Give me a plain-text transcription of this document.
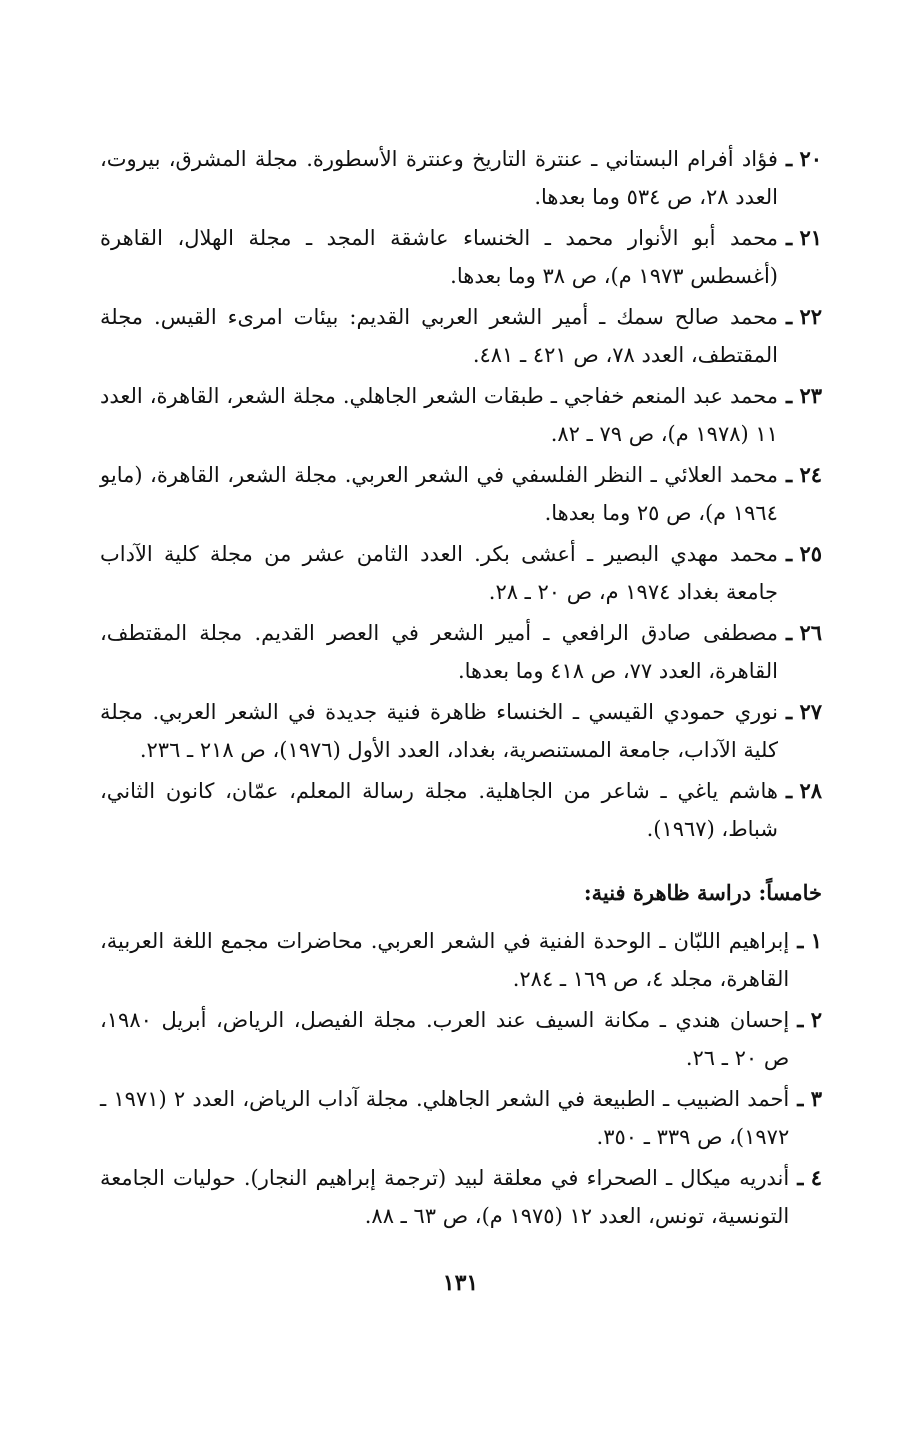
٢٠ ـ
فؤاد أفرام البستاني ـ عنترة التاريخ وعنترة الأسطورة. مجلة المشرق، بيروت، العدد ٢٨، ص ٥٣٤ وما بعدها.
٢١ ـ
محمد أبو الأنوار محمد ـ الخنساء عاشقة المجد ـ مجلة الهلال، القاهرة (أغسطس ١٩٧٣ م)، ص ٣٨ وما بعدها.
٢٢ ـ
محمد صالح سمك ـ أمير الشعر العربي القديم: بيئات امرىء القيس. مجلة المقتطف، العدد ٧٨، ص ٤٢١ ـ ٤٨١.
٢٣ ـ
محمد عبد المنعم خفاجي ـ طبقات الشعر الجاهلي. مجلة الشعر، القاهرة، العدد ١١ (١٩٧٨ م)، ص ٧٩ ـ ٨٢.
٢٤ ـ
محمد العلائي ـ النظر الفلسفي في الشعر العربي. مجلة الشعر، القاهرة، (مايو ١٩٦٤ م)، ص ٢٥ وما بعدها.
٢٥ ـ
محمد مهدي البصير ـ أعشى بكر. العدد الثامن عشر من مجلة كلية الآداب جامعة بغداد ١٩٧٤ م، ص ٢٠ ـ ٢٨.
٢٦ ـ
مصطفى صادق الرافعي ـ أمير الشعر في العصر القديم. مجلة المقتطف، القاهرة، العدد ٧٧، ص ٤١٨ وما بعدها.
٢٧ ـ
نوري حمودي القيسي ـ الخنساء ظاهرة فنية جديدة في الشعر العربي. مجلة كلية الآداب، جامعة المستنصرية، بغداد، العدد الأول (١٩٧٦)، ص ٢١٨ ـ ٢٣٦.
٢٨ ـ
هاشم ياغي ـ شاعر من الجاهلية. مجلة رسالة المعلم، عمّان، كانون الثاني، شباط، (١٩٦٧).
خامساً: دراسة ظاهرة فنية:
١ ـ
إبراهيم اللبّان ـ الوحدة الفنية في الشعر العربي. محاضرات مجمع اللغة العربية، القاهرة، مجلد ٤، ص ١٦٩ ـ ٢٨٤.
٢ ـ
إحسان هندي ـ مكانة السيف عند العرب. مجلة الفيصل، الرياض، أبريل ١٩٨٠، ص ٢٠ ـ ٢٦.
٣ ـ
أحمد الضبيب ـ الطبيعة في الشعر الجاهلي. مجلة آداب الرياض، العدد ٢ (١٩٧١ ـ ١٩٧٢)، ص ٣٣٩ ـ ٣٥٠.
٤ ـ
أندريه ميكال ـ الصحراء في معلقة لبيد (ترجمة إبراهيم النجار). حوليات الجامعة التونسية، تونس، العدد ١٢ (١٩٧٥ م)، ص ٦٣ ـ ٨٨.
١٣١
